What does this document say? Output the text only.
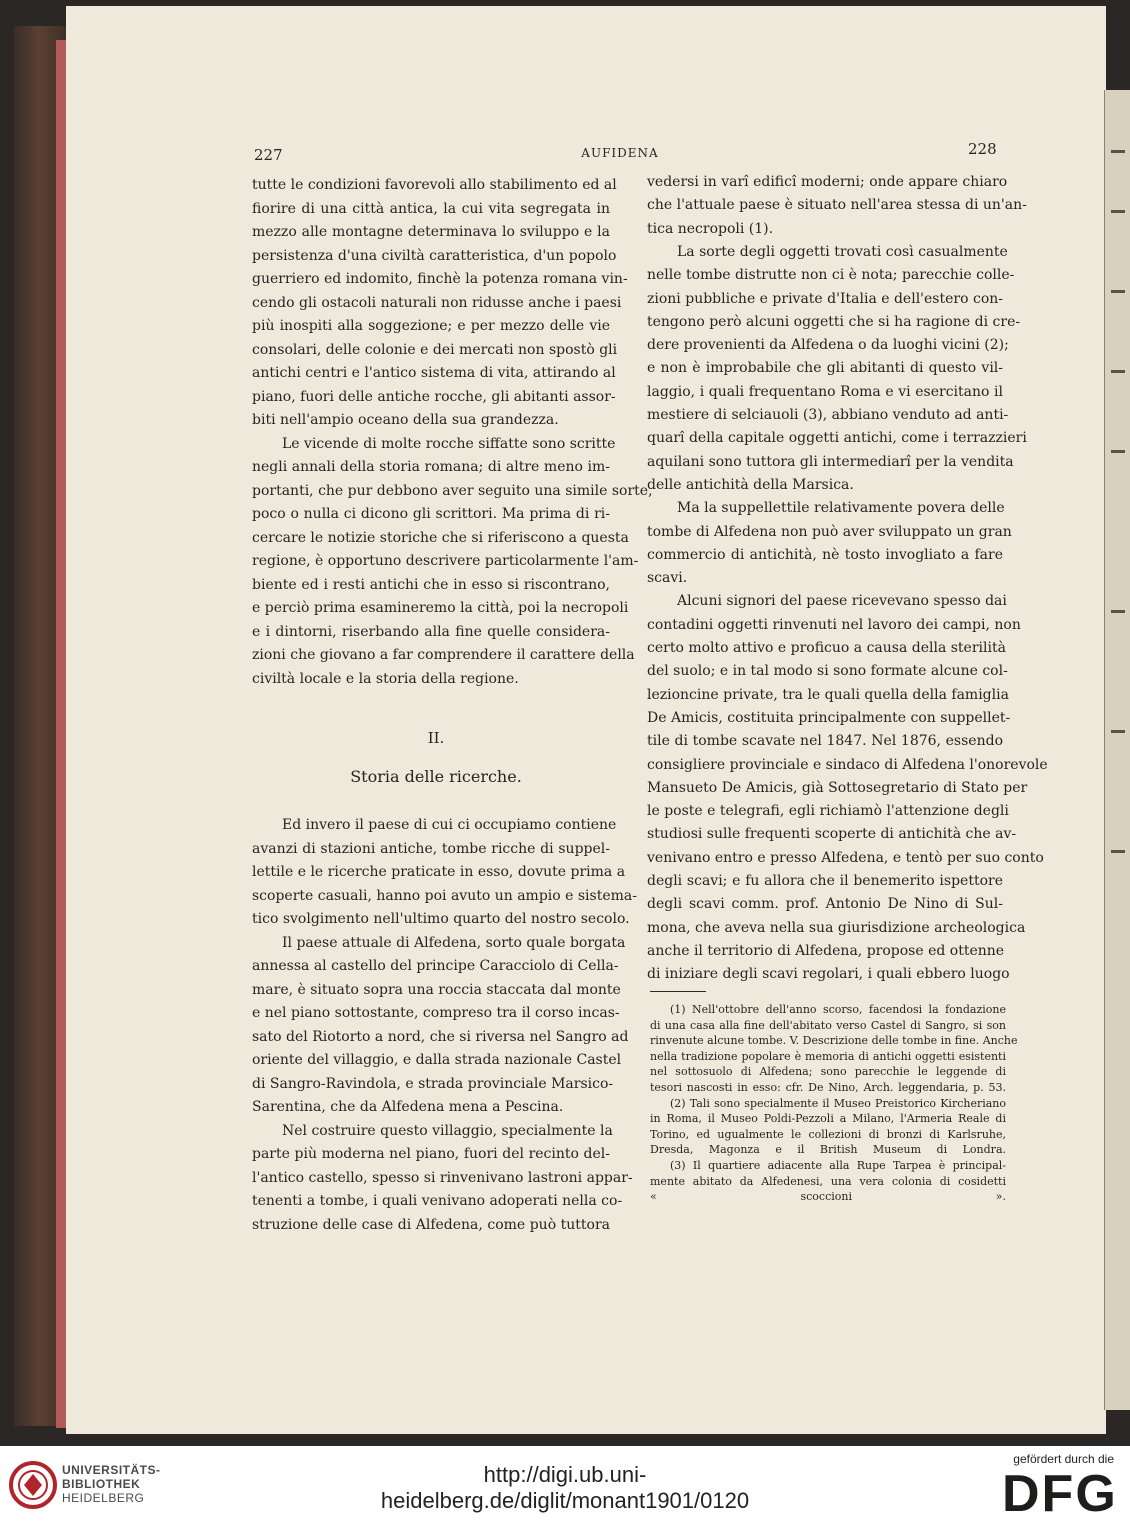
227	AUFIDENA	228
II.
Storia delle ricerche.
tutte le condizioni favorevoli allo stabilimento ed al
fiorire di una città antica, la cui vita segregata in
mezzo alle montagne determinava lo sviluppo e la
persistenza d'una civiltà caratteristica, d'un popolo
guerriero ed indomito, finchè la potenza romana vin-
cendo gli ostacoli naturali non ridusse anche i paesi
più inospiti alla soggezione; e per mezzo delle vie
consolari, delle colonie e dei mercati non spostò gli
antichi centri e l'antico sistema di vita, attirando al
piano, fuori delle antiche rocche, gli abitanti assor-
biti nell'ampio oceano della sua grandezza.
Le vicende di molte rocche siffatte sono scritte
negli annali della storia romana; di altre meno im-
portanti, che pur debbono aver seguito una simile sorte,
poco o nulla ci dicono gli scrittori. Ma prima di ri-
cercare le notizie storiche che si riferiscono a questa
regione, è opportuno descrivere particolarmente l'am-
biente ed i resti antichi che in esso si riscontrano,
e perciò prima esamineremo la città, poi la necropoli
e i dintorni, riserbando alla fine quelle considera-
zioni che giovano a far comprendere il carattere della
civiltà locale e la storia della regione.
Ed invero il paese di cui ci occupiamo contiene
avanzi di stazioni antiche, tombe ricche di suppel-
lettile e le ricerche praticate in esso, dovute prima a
scoperte casuali, hanno poi avuto un ampio e sistema-
tico svolgimento nell'ultimo quarto del nostro secolo.
Il paese attuale di Alfedena, sorto quale borgata
annessa al castello del principe Caracciolo di Cella-
mare, è situato sopra una roccia staccata dal monte
e nel piano sottostante, compreso tra il corso incas-
sato del Riotorto a nord, che si riversa nel Sangro ad
oriente del villaggio, e dalla strada nazionale Castel
di Sangro-Ravindola, e strada provinciale Marsico-
Sarentina, che da Alfedena mena a Pescina.
Nel costruire questo villaggio, specialmente la
parte più moderna nel piano, fuori del recinto del-
l'antico castello, spesso si rinvenivano lastroni appar-
tenenti a tombe, i quali venivano adoperati nella co-
struzione delle case di Alfedena, come può tuttora
vedersi in varî edificî moderni; onde appare chiaro
che l'attuale paese è situato nell'area stessa di un'an-
tica necropoli (1).
La sorte degli oggetti trovati così casualmente
nelle tombe distrutte non ci è nota; parecchie colle-
zioni pubbliche e private d'Italia e dell'estero con-
tengono però alcuni oggetti che si ha ragione di cre-
dere provenienti da Alfedena o da luoghi vicini (2);
e non è improbabile che gli abitanti di questo vil-
laggio, i quali frequentano Roma e vi esercitano il
mestiere di selciauoli (3), abbiano venduto ad anti-
quarî della capitale oggetti antichi, come i terrazzieri
aquilani sono tuttora gli intermediarî per la vendita
delle antichità della Marsica.
Ma la suppellettile relativamente povera delle
tombe di Alfedena non può aver sviluppato un gran
commercio di antichità, nè tosto invogliato a fare
scavi.
Alcuni signori del paese ricevevano spesso dai
contadini oggetti rinvenuti nel lavoro dei campi, non
certo molto attivo e proficuo a causa della sterilità
del suolo; e in tal modo si sono formate alcune col-
lezioncine private, tra le quali quella della famiglia
De Amicis, costituita principalmente con suppellet-
tile di tombe scavate nel 1847. Nel 1876, essendo
consigliere provinciale e sindaco di Alfedena l'onorevole
Mansueto De Amicis, già Sottosegretario di Stato per
le poste e telegrafi, egli richiamò l'attenzione degli
studiosi sulle frequenti scoperte di antichità che av-
venivano entro e presso Alfedena, e tentò per suo conto
degli scavi; e fu allora che il benemerito ispettore
degli scavi comm. prof. Antonio De Nino di Sul-
mona, che aveva nella sua giurisdizione archeologica
anche il territorio di Alfedena, propose ed ottenne
di iniziare degli scavi regolari, i quali ebbero luogo
(1) Nell'ottobre dell'anno scorso, facendosi la fondazione
di una casa alla fine dell'abitato verso Castel di Sangro, si son
rinvenute alcune tombe. V. Descrizione delle tombe in fine. Anche
nella tradizione popolare è memoria di antichi oggetti esistenti
nel sottosuolo di Alfedena; sono parecchie le leggende di
tesori nascosti in esso: cfr. De Nino, Arch. leggendaria, p. 53.
(2) Tali sono specialmente il Museo Preistorico Kircheriano
in Roma, il Museo Poldi-Pezzoli a Milano, l'Armeria Reale di
Torino, ed ugualmente le collezioni di bronzi di Karlsruhe,
Dresda, Magonza e il British Museum di Londra.
(3) Il quartiere adiacente alla Rupe Tarpea è principal-
mente abitato da Alfedenesi, una vera colonia di cosidetti
« scoccioni ».
UNIVERSITÄTS-
BIBLIOTHEK
HEIDELBERG
http://digi.ub.uni-heidelberg.de/diglit/monant1901/0120
gefördert durch die
DFG
